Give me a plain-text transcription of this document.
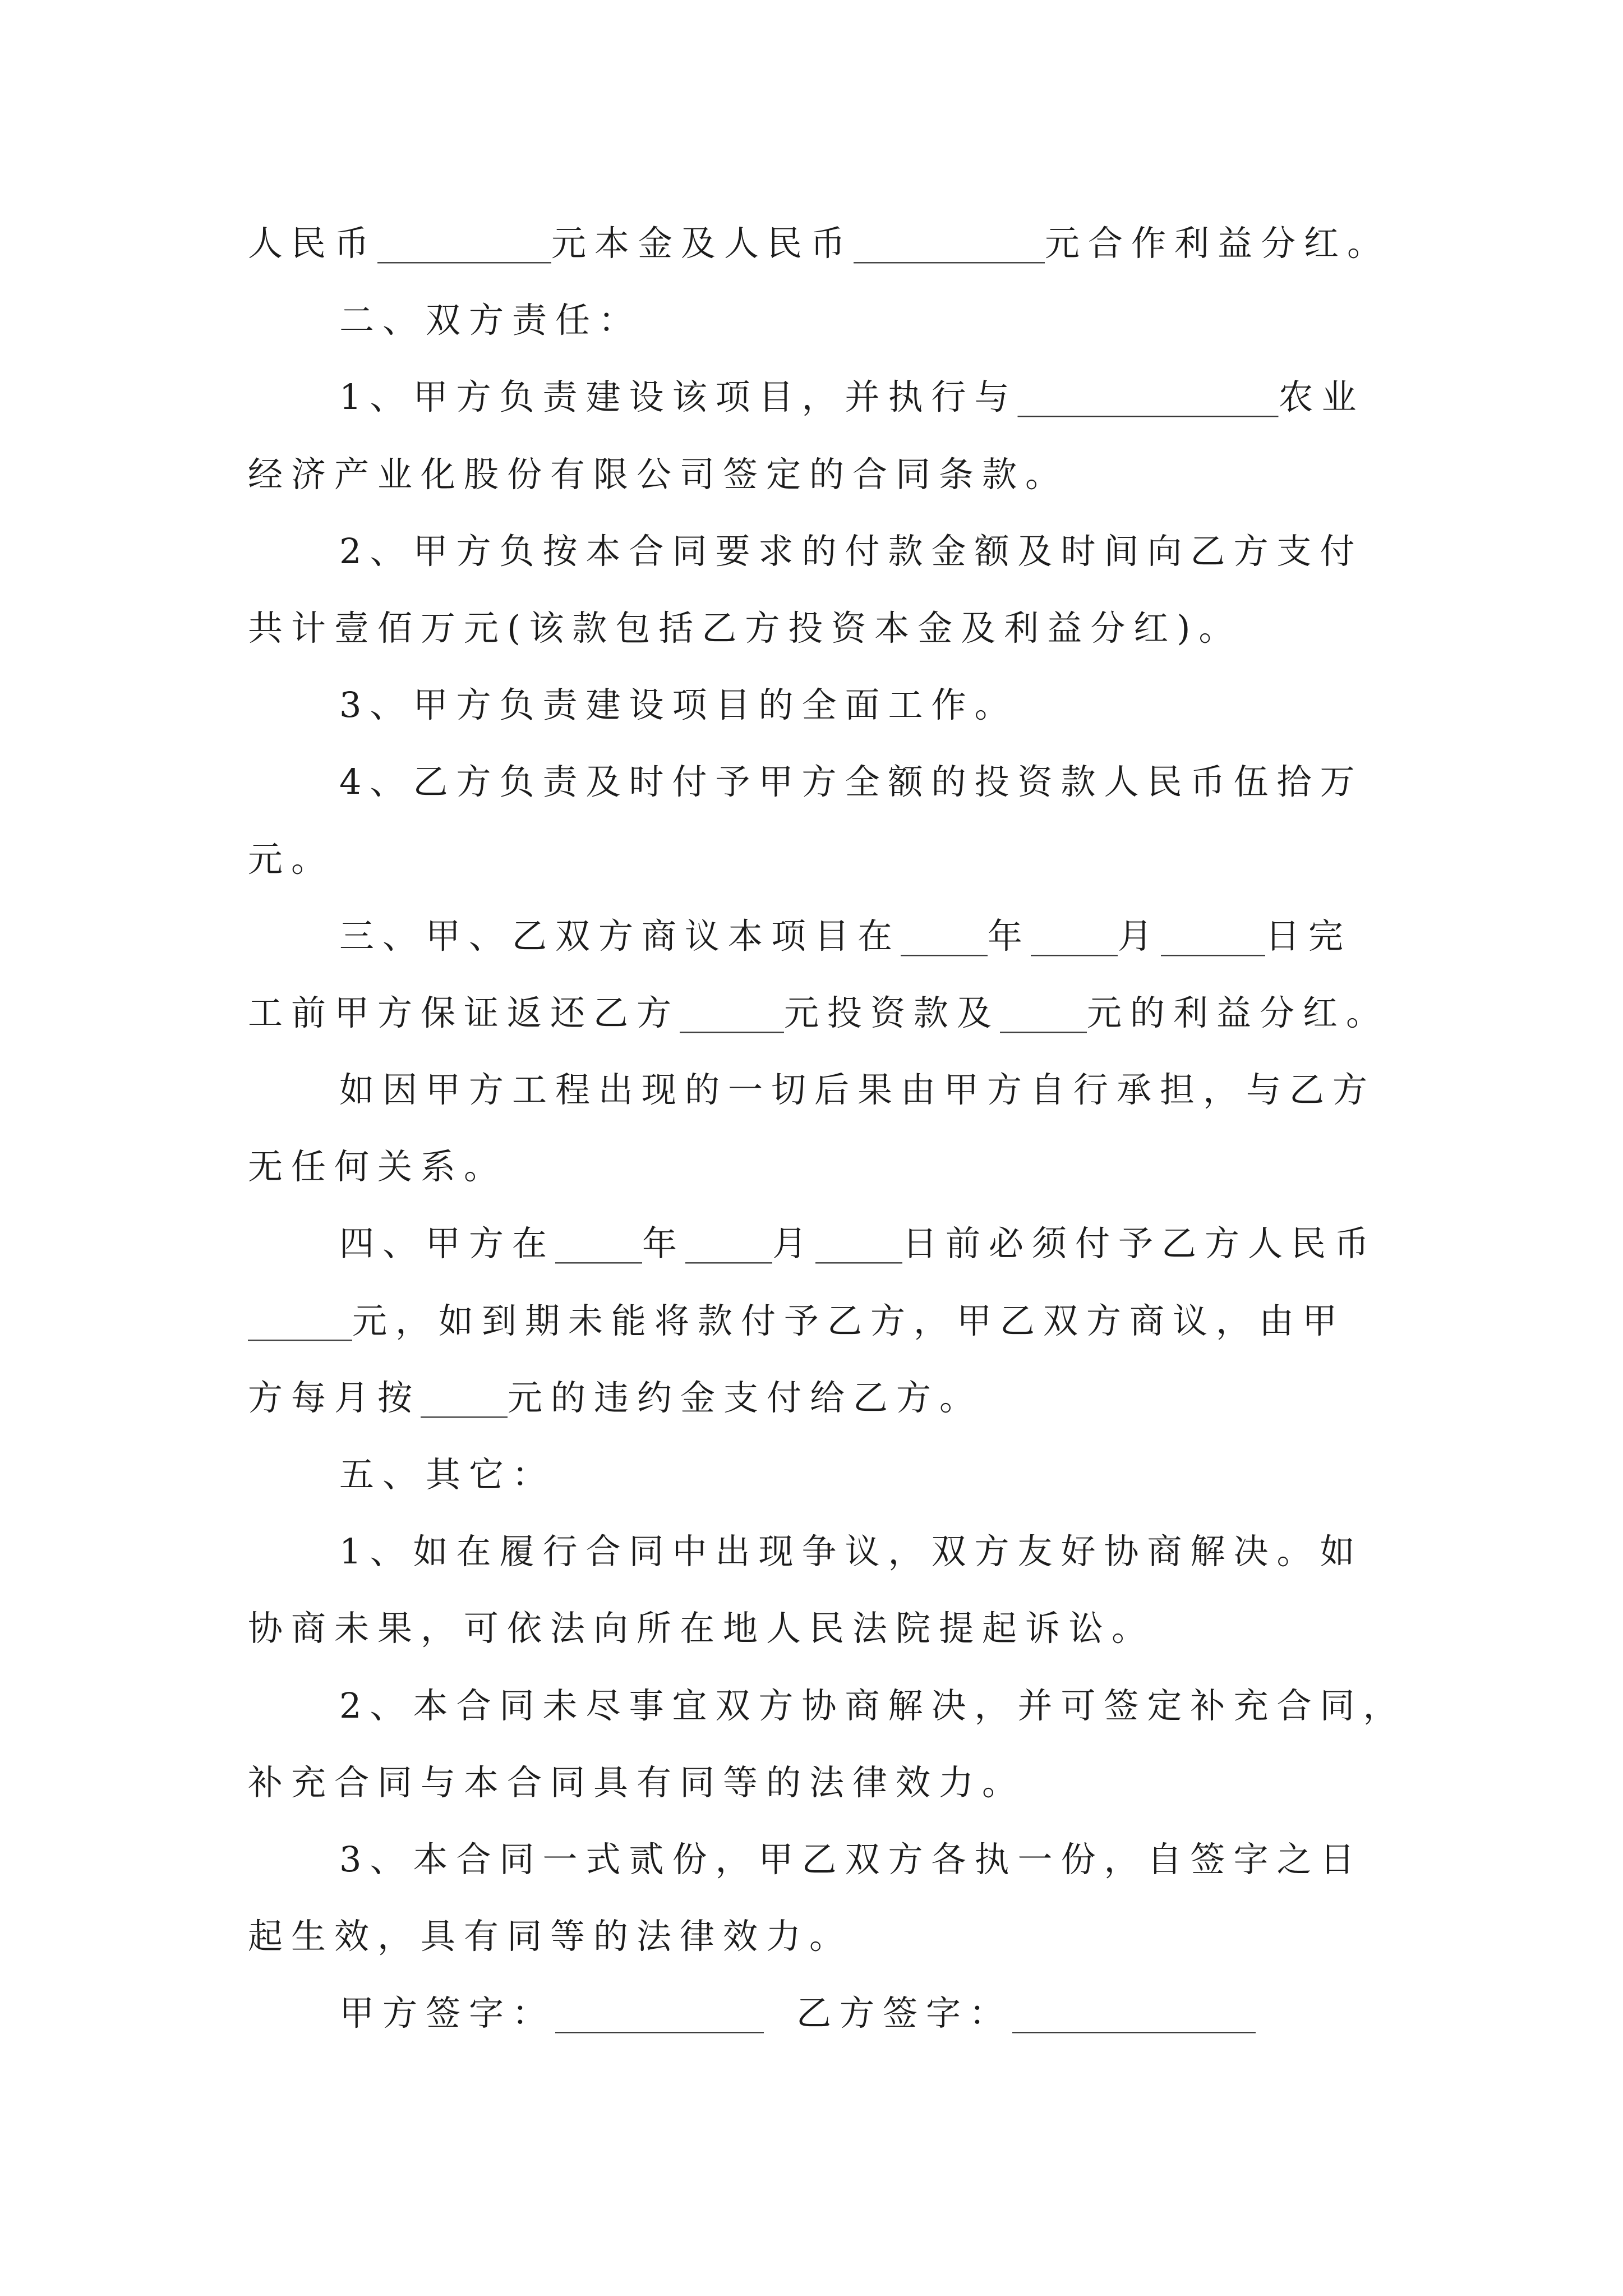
人民币__________元本金及人民币___________元合作利益分红。
二、双方责任：
1、甲方负责建设该项目，并执行与_______________农业
经济产业化股份有限公司签定的合同条款。
2、甲方负按本合同要求的付款金额及时间向乙方支付
共计壹佰万元(该款包括乙方投资本金及利益分红)。
3、甲方负责建设项目的全面工作。
4、乙方负责及时付予甲方全额的投资款人民币伍拾万
元。
三、甲、乙双方商议本项目在_____年_____月______日完
工前甲方保证返还乙方______元投资款及_____元的利益分红。
如因甲方工程出现的一切后果由甲方自行承担，与乙方
无任何关系。
四、甲方在_____年_____月_____日前必须付予乙方人民币
______元，如到期未能将款付予乙方，甲乙双方商议，由甲
方每月按_____元的违约金支付给乙方。
五、其它：
1、如在履行合同中出现争议，双方友好协商解决。如
协商未果，可依法向所在地人民法院提起诉讼。
2、本合同未尽事宜双方协商解决，并可签定补充合同，
补充合同与本合同具有同等的法律效力。
3、本合同一式贰份，甲乙双方各执一份，自签字之日
起生效，具有同等的法律效力。
甲方签字：____________ 乙方签字：______________
